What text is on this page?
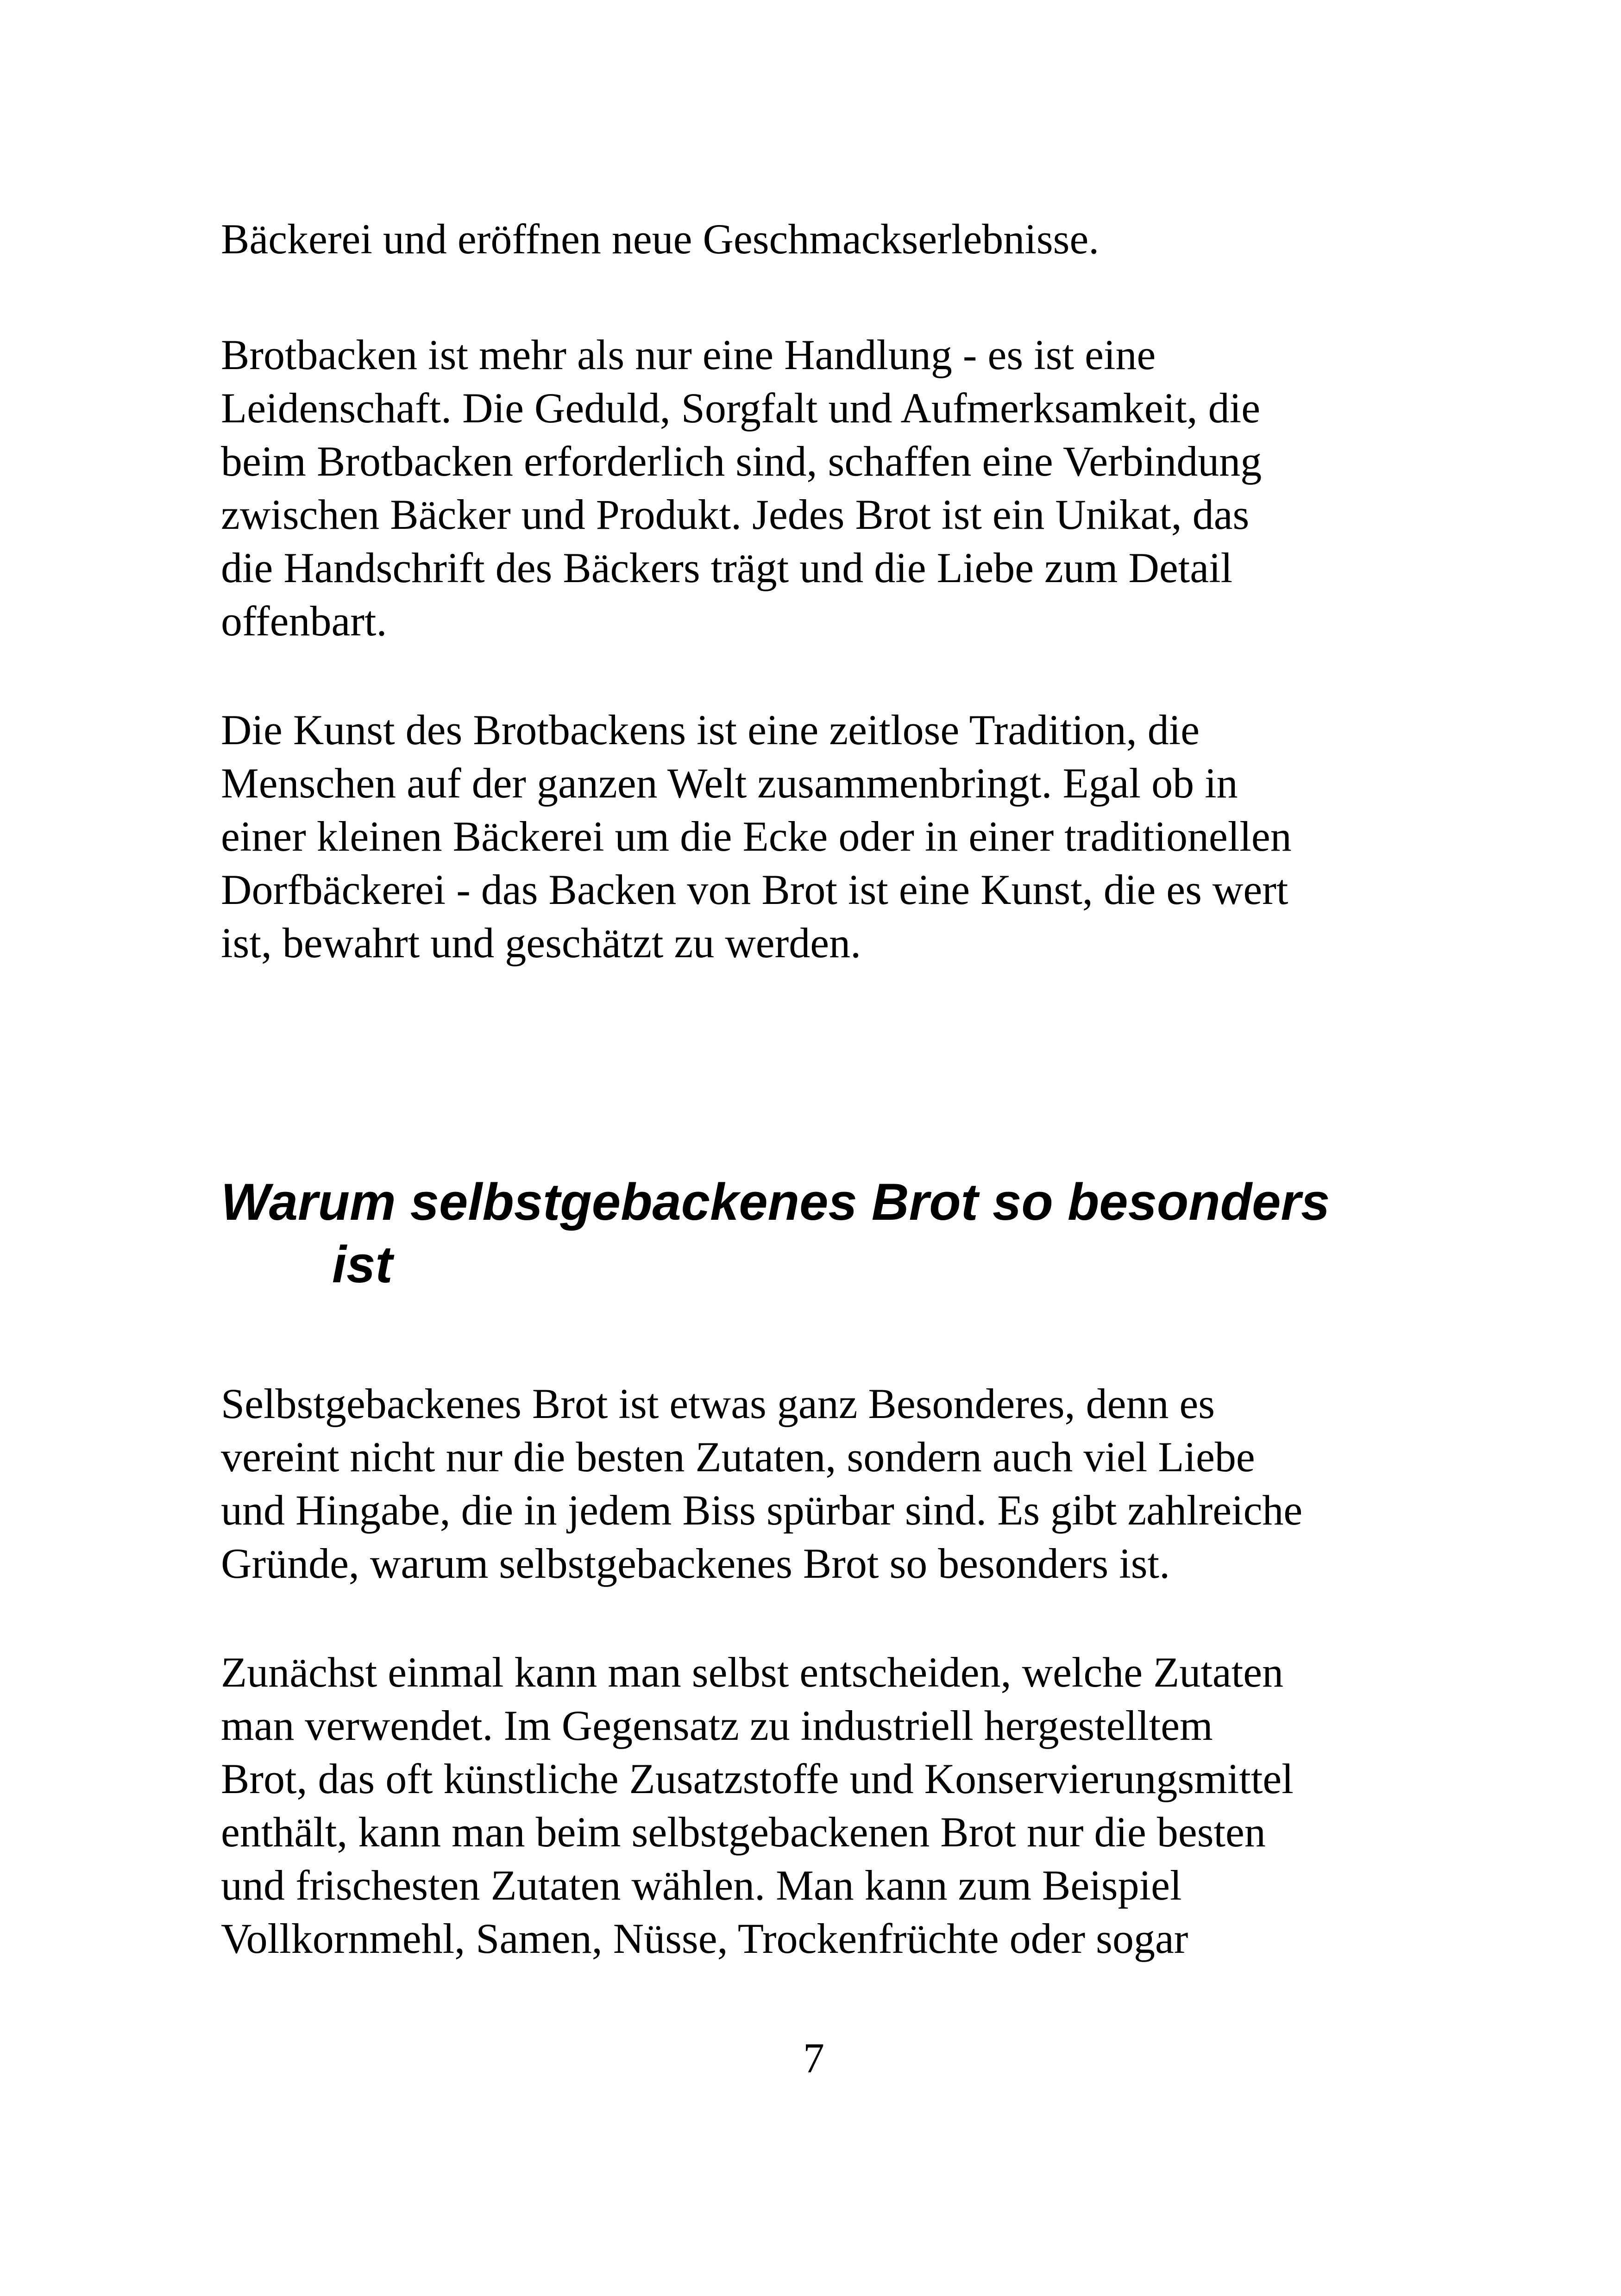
Bäckerei und eröffnen neue Geschmackserlebnisse.

Brotbacken ist mehr als nur eine Handlung - es ist eine

Leidenschaft. Die Geduld, Sorgfalt und Aufmerksamkeit, die

beim Brotbacken erforderlich sind, schaffen eine Verbindung

zwischen Bäcker und Produkt. Jedes Brot ist ein Unikat, das

die Handschrift des Bäckers trägt und die Liebe zum Detail

offenbart.

Die Kunst des Brotbackens ist eine zeitlose Tradition, die

Menschen auf der ganzen Welt zusammenbringt. Egal ob in

einer kleinen Bäckerei um die Ecke oder in einer traditionellen

Dorfbäckerei - das Backen von Brot ist eine Kunst, die es wert

ist, bewahrt und geschätzt zu werden.

Warum selbstgebackenes Brot so besonders

ist

Selbstgebackenes Brot ist etwas ganz Besonderes, denn es

vereint nicht nur die besten Zutaten, sondern auch viel Liebe

und Hingabe, die in jedem Biss spürbar sind. Es gibt zahlreiche

Gründe, warum selbstgebackenes Brot so besonders ist.

Zunächst einmal kann man selbst entscheiden, welche Zutaten

man verwendet. Im Gegensatz zu industriell hergestelltem

Brot, das oft künstliche Zusatzstoffe und Konservierungsmittel

enthält, kann man beim selbstgebackenen Brot nur die besten

und frischesten Zutaten wählen. Man kann zum Beispiel

Vollkornmehl, Samen, Nüsse, Trockenfrüchte oder sogar

7
